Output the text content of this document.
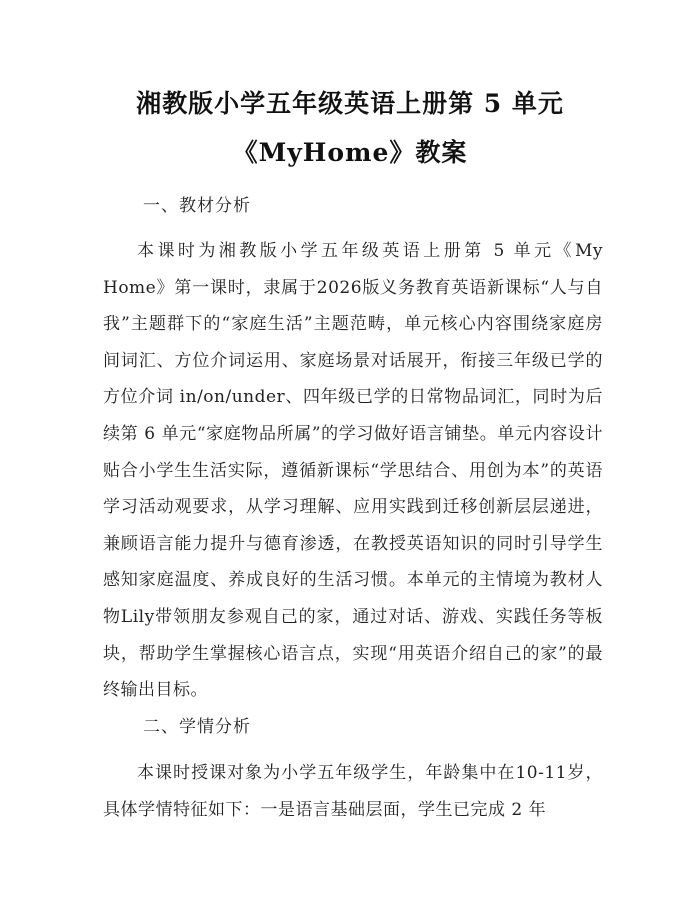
湘教版小学五年级英语上册第 5 单元
《MyHome》教案
一、教材分析

本课时为湘教版小学五年级英语上册第 5 单元《My Home》第一课时，隶属于2026版义务教育英语新课标“人与自我”主题群下的“家庭生活”主题范畴，单元核心内容围绕家庭房间词汇、方位介词运用、家庭场景对话展开，衔接三年级已学的方位介词 in/on/under、四年级已学的日常物品词汇，同时为后续第 6 单元“家庭物品所属”的学习做好语言铺垫。单元内容设计贴合小学生生活实际，遵循新课标“学思结合、用创为本”的英语学习活动观要求，从学习理解、应用实践到迁移创新层层递进，兼顾语言能力提升与德育渗透，在教授英语知识的同时引导学生感知家庭温度、养成良好的生活习惯。本单元的主情境为教材人物Lily带领朋友参观自己的家，通过对话、游戏、实践任务等板块，帮助学生掌握核心语言点，实现“用英语介绍自己的家”的最终输出目标。

二、学情分析

本课时授课对象为小学五年级学生，年龄集中在10-11岁，具体学情特征如下：一是语言基础层面，学生已完成 2 年
